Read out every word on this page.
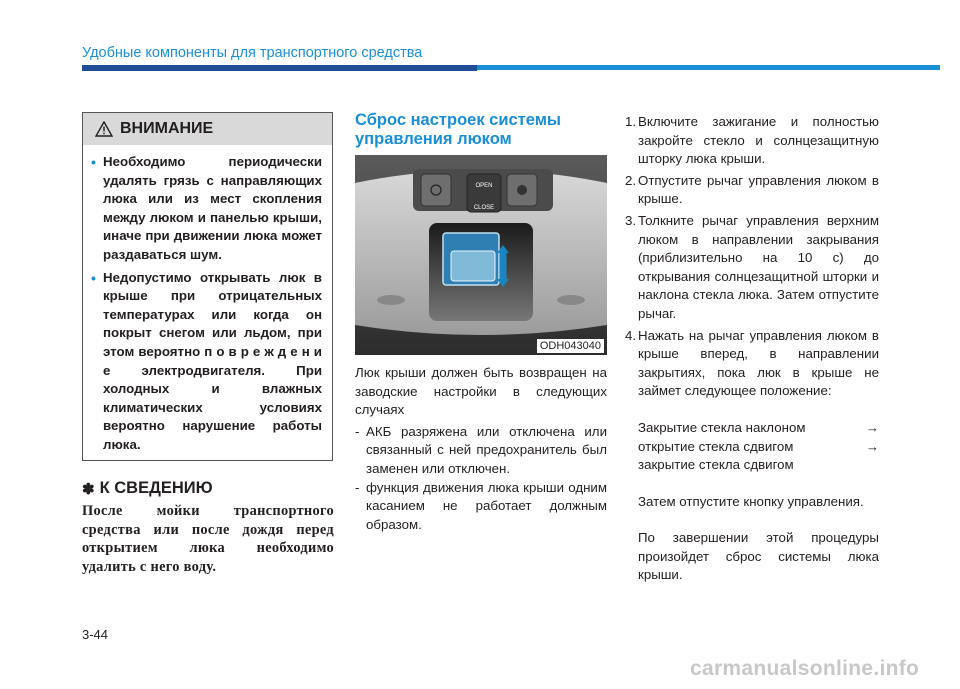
Удобные компоненты для транспортного средства
ВНИМАНИЕ
• Необходимо периодически удалять грязь с направляющих люка или из мест скопления между люком и панелью крыши, иначе при движении люка может раздаваться шум.
• Недопустимо открывать люк в крыше при отрицательных температурах или когда он покрыт снегом или льдом, при этом вероятно п о в р е ж д е н и е электродвигателя. При холодных и влажных климатических условиях вероятно нарушение работы люка.
✽ К СВЕДЕНИЮ
После мойки транспортного средства или после дождя перед открытием люка необходимо удалить с него воду.
Сброс настроек системы управления люком
OPEN
CLOSE
ODH043040

Люк крыши должен быть возвращен на заводские настройки в следующих случаях

- АКБ разряжена или отключена или связанный с ней предохранитель был заменен или отключен.
- функция движения люка крыши одним касанием не работает должным образом.
1. Включите зажигание и полностью закройте стекло и солнцезащитную шторку люка крыши.
2. Отпустите рычаг управления люком в крыше.
3. Толкните рычаг управления верхним люком в направлении закрывания (приблизительно на 10 с) до открывания солнцезащитной шторки и наклона стекла люка. Затем отпустите рычаг.
4. Нажать на рычаг управления люком в крыше вперед, в направлении закрытиях, пока люк в крыше не займет следующее положение:
Закрытие стекла наклоном	→
открытие стекла сдвигом	→
закрытие стекла сдвигом
Затем отпустите кнопку управления.
По завершении этой процедуры произойдет сброс системы люка крыши.
3-44
carmanualsonline.info
